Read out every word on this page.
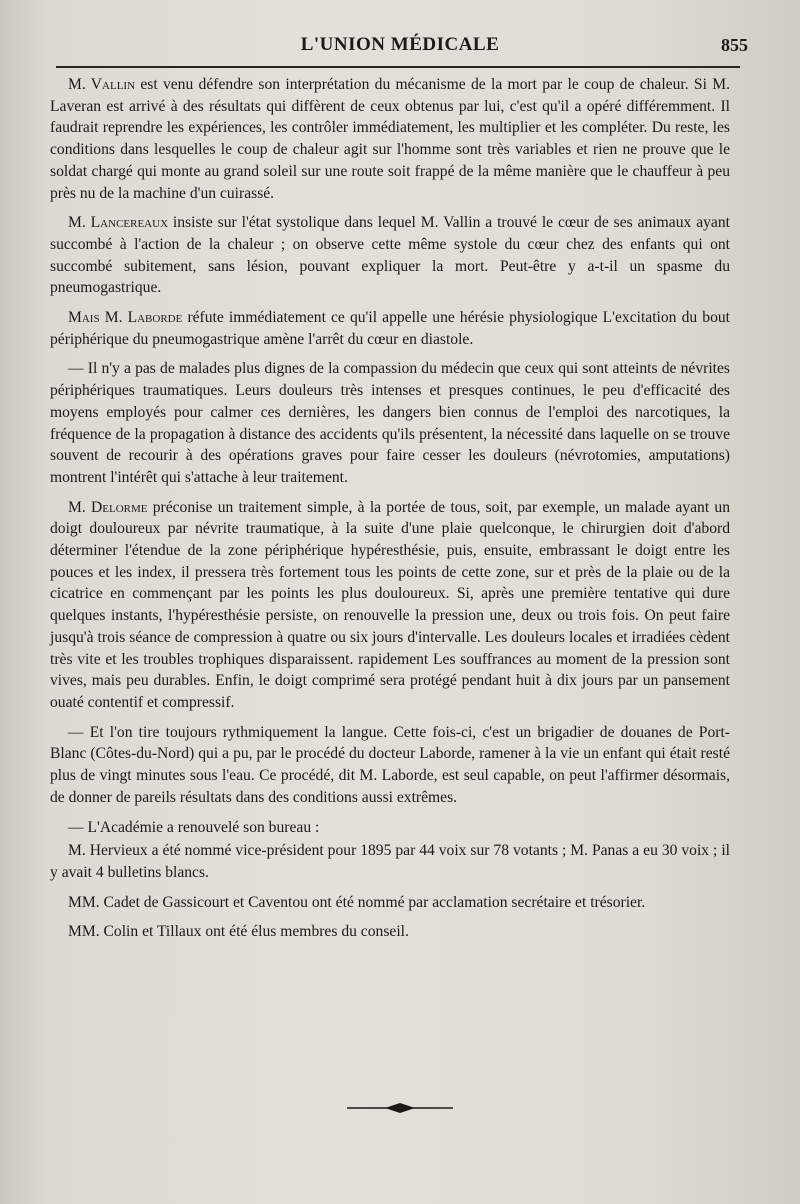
L'UNION MÉDICALE	855

M. Vallin est venu défendre son interprétation du mécanisme de la mort par le coup de chaleur. Si M. Laveran est arrivé à des résultats qui diffèrent de ceux obtenus par lui, c'est qu'il a opéré différemment. Il faudrait reprendre les expériences, les contrôler immédiatement, les multiplier et les compléter. Du reste, les conditions dans lesquelles le coup de chaleur agit sur l'homme sont très variables et rien ne prouve que le soldat chargé qui monte au grand soleil sur une route soit frappé de la même manière que le chauffeur à peu près nu de la machine d'un cuirassé.

M. Lancereaux insiste sur l'état systolique dans lequel M. Vallin a trouvé le cœur de ses animaux ayant succombé à l'action de la chaleur ; on observe cette même systole du cœur chez des enfants qui ont succombé subitement, sans lésion, pouvant expliquer la mort. Peut-être y a-t-il un spasme du pneumogastrique.

Mais M. Laborde réfute immédiatement ce qu'il appelle une hérésie physiologique L'excitation du bout périphérique du pneumogastrique amène l'arrêt du cœur en diastole.

— Il n'y a pas de malades plus dignes de la compassion du médecin que ceux qui sont atteints de névrites périphériques traumatiques. Leurs douleurs très intenses et presques continues, le peu d'efficacité des moyens employés pour calmer ces dernières, les dangers bien connus de l'emploi des narcotiques, la fréquence de la propagation à distance des accidents qu'ils présentent, la nécessité dans laquelle on se trouve souvent de recourir à des opérations graves pour faire cesser les douleurs (névrotomies, amputations) montrent l'intérêt qui s'attache à leur traitement.

M. Delorme préconise un traitement simple, à la portée de tous, soit, par exemple, un malade ayant un doigt douloureux par névrite traumatique, à la suite d'une plaie quelconque, le chirurgien doit d'abord déterminer l'étendue de la zone périphérique hypéresthésie, puis, ensuite, embrassant le doigt entre les pouces et les index, il pressera très fortement tous les points de cette zone, sur et près de la plaie ou de la cicatrice en commençant par les points les plus douloureux. Si, après une première tentative qui dure quelques instants, l'hypéresthésie persiste, on renouvelle la pression une, deux ou trois fois. On peut faire jusqu'à trois séance de compression à quatre ou six jours d'intervalle. Les douleurs locales et irradiées cèdent très vite et les troubles trophiques disparaissent. rapidement Les souffrances au moment de la pression sont vives, mais peu durables. Enfin, le doigt comprimé sera protégé pendant huit à dix jours par un pansement ouaté contentif et compressif.

— Et l'on tire toujours rythmiquement la langue. Cette fois-ci, c'est un brigadier de douanes de Port-Blanc (Côtes-du-Nord) qui a pu, par le procédé du docteur Laborde, ramener à la vie un enfant qui était resté plus de vingt minutes sous l'eau. Ce procédé, dit M. Laborde, est seul capable, on peut l'affirmer désormais, de donner de pareils résultats dans des conditions aussi extrêmes.

— L'Académie a renouvelé son bureau :

M. Hervieux a été nommé vice-président pour 1895 par 44 voix sur 78 votants ; M. Panas a eu 30 voix ; il y avait 4 bulletins blancs.

MM. Cadet de Gassicourt et Caventou ont été nommé par acclamation secrétaire et trésorier.

MM. Colin et Tillaux ont été élus membres du conseil.
